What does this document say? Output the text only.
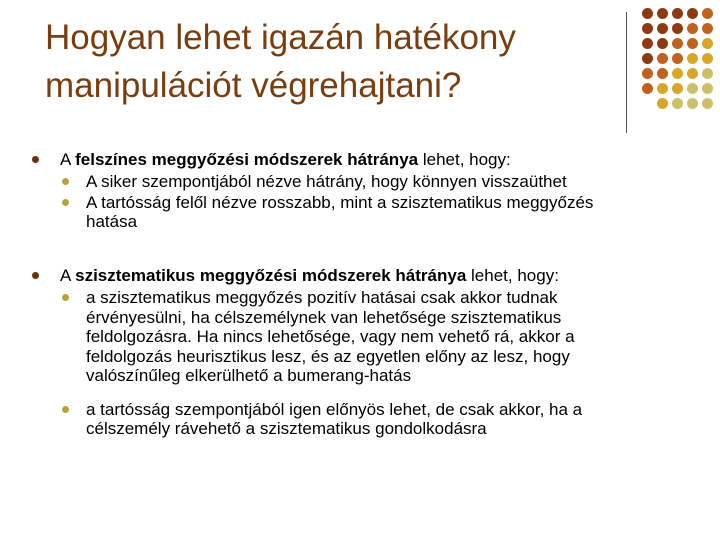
Hogyan lehet igazán hatékony
manipulációt végrehajtani?
A felszínes meggyőzési módszerek hátránya lehet, hogy:
A siker szempontjából nézve hátrány, hogy könnyen visszaüthet
A tartósság felől nézve rosszabb, mint a szisztematikus meggyőzés
hatása
A szisztematikus meggyőzési módszerek hátránya lehet, hogy:
a szisztematikus meggyőzés pozitív hatásai csak akkor tudnak
érvényesülni, ha célszemélynek van lehetősége szisztematikus
feldolgozásra. Ha nincs lehetősége, vagy nem vehető rá, akkor a
feldolgozás heurisztikus lesz, és az egyetlen előny az lesz, hogy
valószínűleg elkerülhető a bumerang-hatás
a tartósság szempontjából igen előnyös lehet, de csak akkor, ha a
célszemély rávehető a szisztematikus gondolkodásra
